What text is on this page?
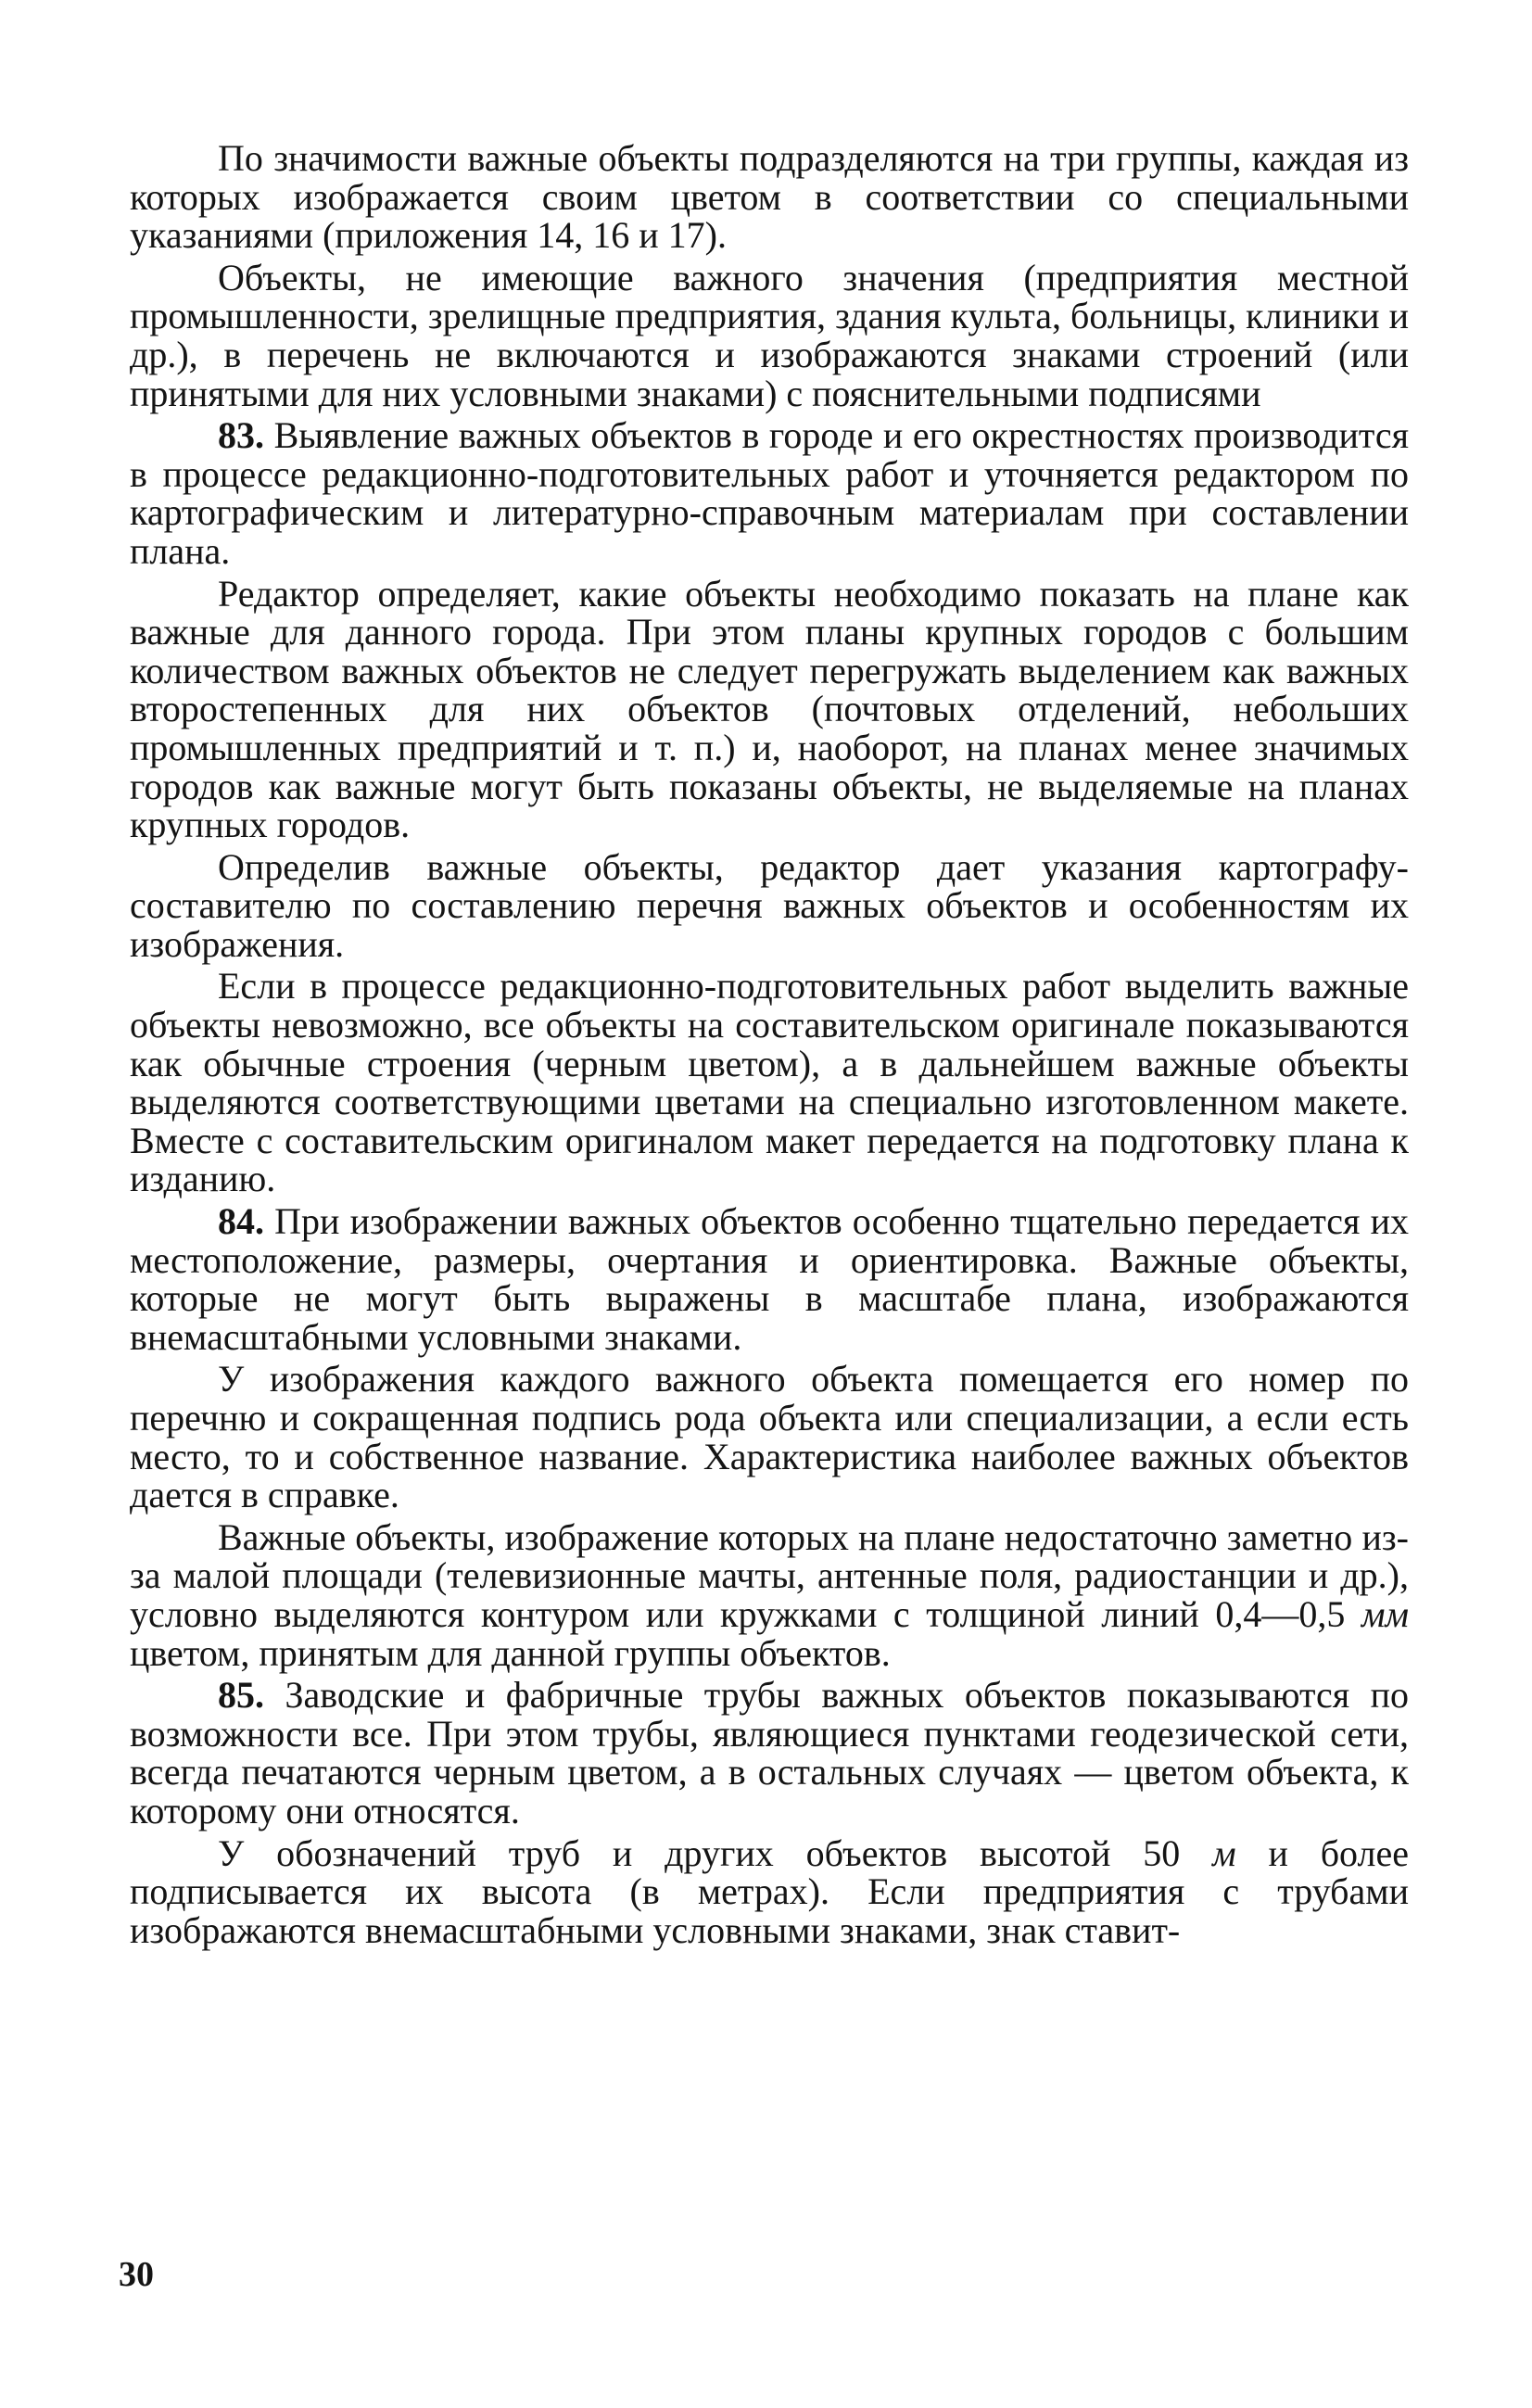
По значимости важные объекты подразделяются на три группы, каждая из которых изображается своим цветом в соответствии со специальными указаниями (приложения 14, 16 и 17).

Объекты, не имеющие важного значения (предприятия местной промышленности, зрелищные предприятия, здания культа, больницы, клиники и др.), в перечень не включаются и изображаются знаками строений (или принятыми для них условными знаками) с пояснительными подписями

83. Выявление важных объектов в городе и его окрестностях производится в процессе редакционно-подготовительных работ и уточняется редактором по картографическим и литературно-справочным материалам при составлении плана.

Редактор определяет, какие объекты необходимо показать на плане как важные для данного города. При этом планы крупных городов с большим количеством важных объектов не следует перегружать выделением как важных второстепенных для них объектов (почтовых отделений, небольших промышленных предприятий и т. п.) и, наоборот, на планах менее значимых городов как важные могут быть показаны объекты, не выделяемые на планах крупных городов.

Определив важные объекты, редактор дает указания картографу-составителю по составлению перечня важных объектов и особенностям их изображения.

Если в процессе редакционно-подготовительных работ выделить важные объекты невозможно, все объекты на составительском оригинале показываются как обычные строения (черным цветом), а в дальнейшем важные объекты выделяются соответствующими цветами на специально изготовленном макете. Вместе с составительским оригиналом макет передается на подготовку плана к изданию.

84. При изображении важных объектов особенно тщательно передается их местоположение, размеры, очертания и ориентировка. Важные объекты, которые не могут быть выражены в масштабе плана, изображаются внемасштабными условными знаками.

У изображения каждого важного объекта помещается его номер по перечню и сокращенная подпись рода объекта или специализации, а если есть место, то и собственное название. Характеристика наиболее важных объектов дается в справке.

Важные объекты, изображение которых на плане недостаточно заметно из-за малой площади (телевизионные мачты, антенные поля, радиостанции и др.), условно выделяются контуром или кружками с толщиной линий 0,4—0,5 мм цветом, принятым для данной группы объектов.

85. Заводские и фабричные трубы важных объектов показываются по возможности все. При этом трубы, являющиеся пунктами геодезической сети, всегда печатаются черным цветом, а в остальных случаях — цветом объекта, к которому они относятся.

У обозначений труб и других объектов высотой 50 м и более подписывается их высота (в метрах). Если предприятия с трубами изображаются внемасштабными условными знаками, знак ставит-

30
